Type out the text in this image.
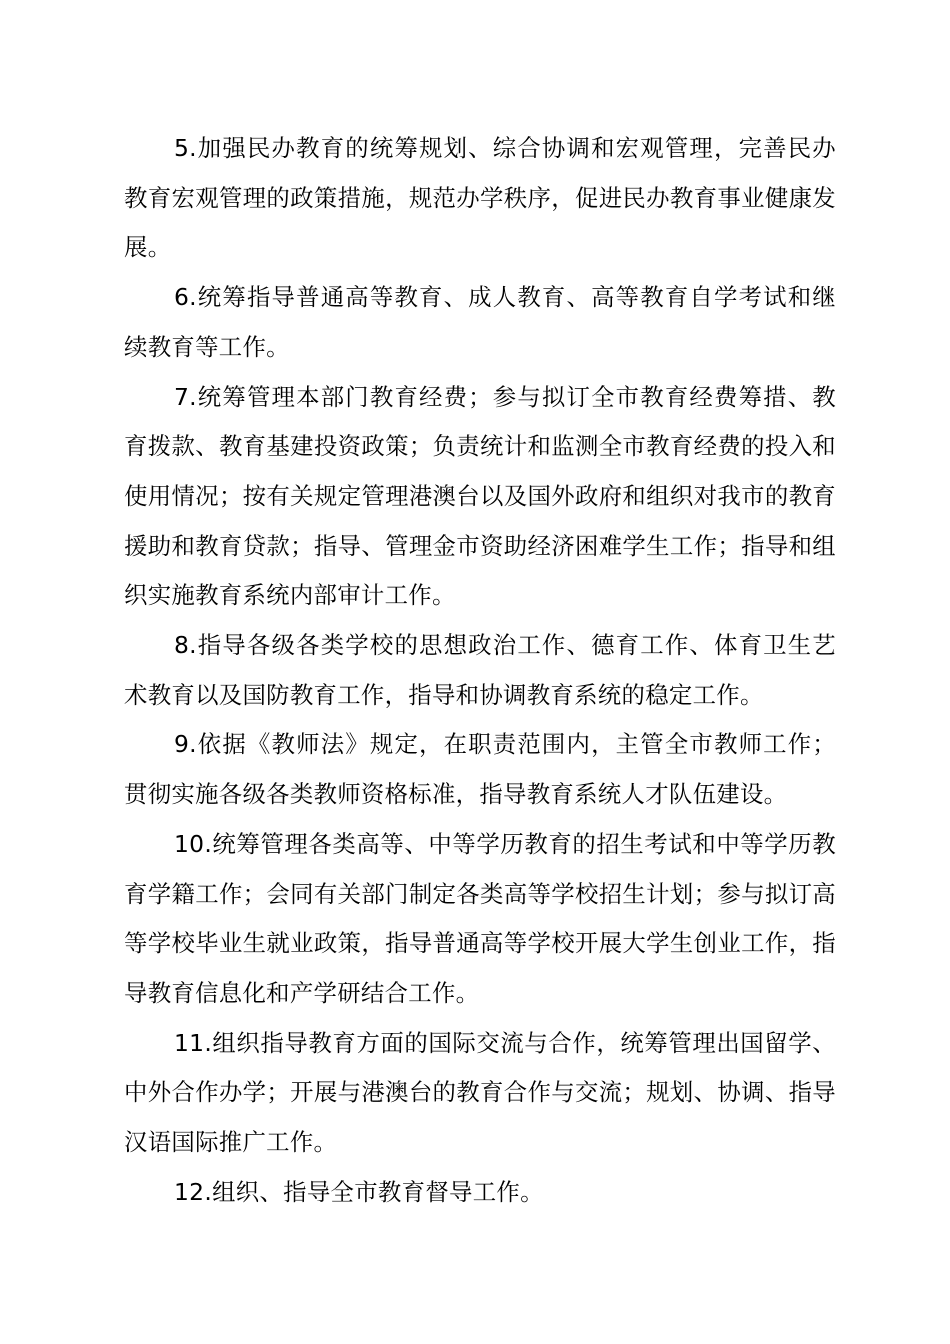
5.加强民办教育的统筹规划、综合协调和宏观管理，完善民办教育宏观管理的政策措施，规范办学秩序，促进民办教育事业健康发展。

6.统筹指导普通高等教育、成人教育、高等教育自学考试和继续教育等工作。

7.统筹管理本部门教育经费；参与拟订全市教育经费筹措、教育拨款、教育基建投资政策；负责统计和监测全市教育经费的投入和使用情况；按有关规定管理港澳台以及国外政府和组织对我市的教育援助和教育贷款；指导、管理金市资助经济困难学生工作；指导和组织实施教育系统内部审计工作。

8.指导各级各类学校的思想政治工作、德育工作、体育卫生艺术教育以及国防教育工作，指导和协调教育系统的稳定工作。

9.依据《教师法》规定，在职责范围内，主管全市教师工作；贯彻实施各级各类教师资格标准，指导教育系统人才队伍建设。

10.统筹管理各类高等、中等学历教育的招生考试和中等学历教育学籍工作；会同有关部门制定各类高等学校招生计划；参与拟订高等学校毕业生就业政策，指导普通高等学校开展大学生创业工作，指导教育信息化和产学研结合工作。

11.组织指导教育方面的国际交流与合作，统筹管理出国留学、中外合作办学；开展与港澳台的教育合作与交流；规划、协调、指导汉语国际推广工作。

12.组织、指导全市教育督导工作。
